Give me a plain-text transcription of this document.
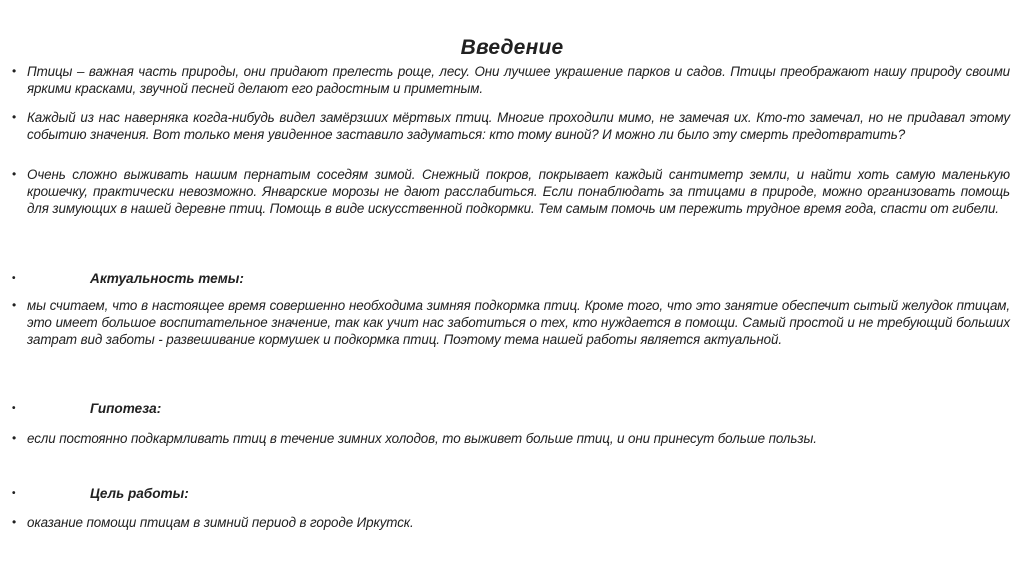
Введение
• Птицы – важная часть природы, они придают прелесть роще, лесу. Они лучшее украшение парков и садов. Птицы преображают нашу природу своими яркими красками, звучной песней делают его радостным и приметным.
• Каждый из нас наверняка когда-нибудь видел замёрзших мёртвых птиц. Многие проходили мимо, не замечая их. Кто-то замечал, но не придавал этому событию значения. Вот только меня увиденное заставило задуматься: кто тому виной? И можно ли было эту смерть предотвратить?
• Очень сложно выживать нашим пернатым соседям зимой. Снежный покров, покрывает каждый сантиметр земли, и найти хоть самую маленькую крошечку, практически невозможно. Январские морозы не дают расслабиться. Если понаблюдать за птицами в природе, можно организовать помощь для зимующих в нашей деревне птиц. Помощь в виде искусственной подкормки. Тем самым помочь им пережить трудное время года, спасти от гибели.
•	Актуальность темы:
• мы считаем, что в настоящее время совершенно необходима зимняя подкормка птиц. Кроме того, что это занятие обеспечит сытый желудок птицам, это имеет большое воспитательное значение, так как учит нас заботиться о тех, кто нуждается в помощи. Самый простой и не требующий больших затрат вид заботы - развешивание кормушек и подкормка птиц. Поэтому тема нашей работы является актуальной.
•	Гипотеза:
• если постоянно подкармливать птиц в течение зимних холодов, то выживет больше птиц, и они принесут больше пользы.
•	Цель работы:
• оказание помощи птицам в зимний период в городе Иркутск.
